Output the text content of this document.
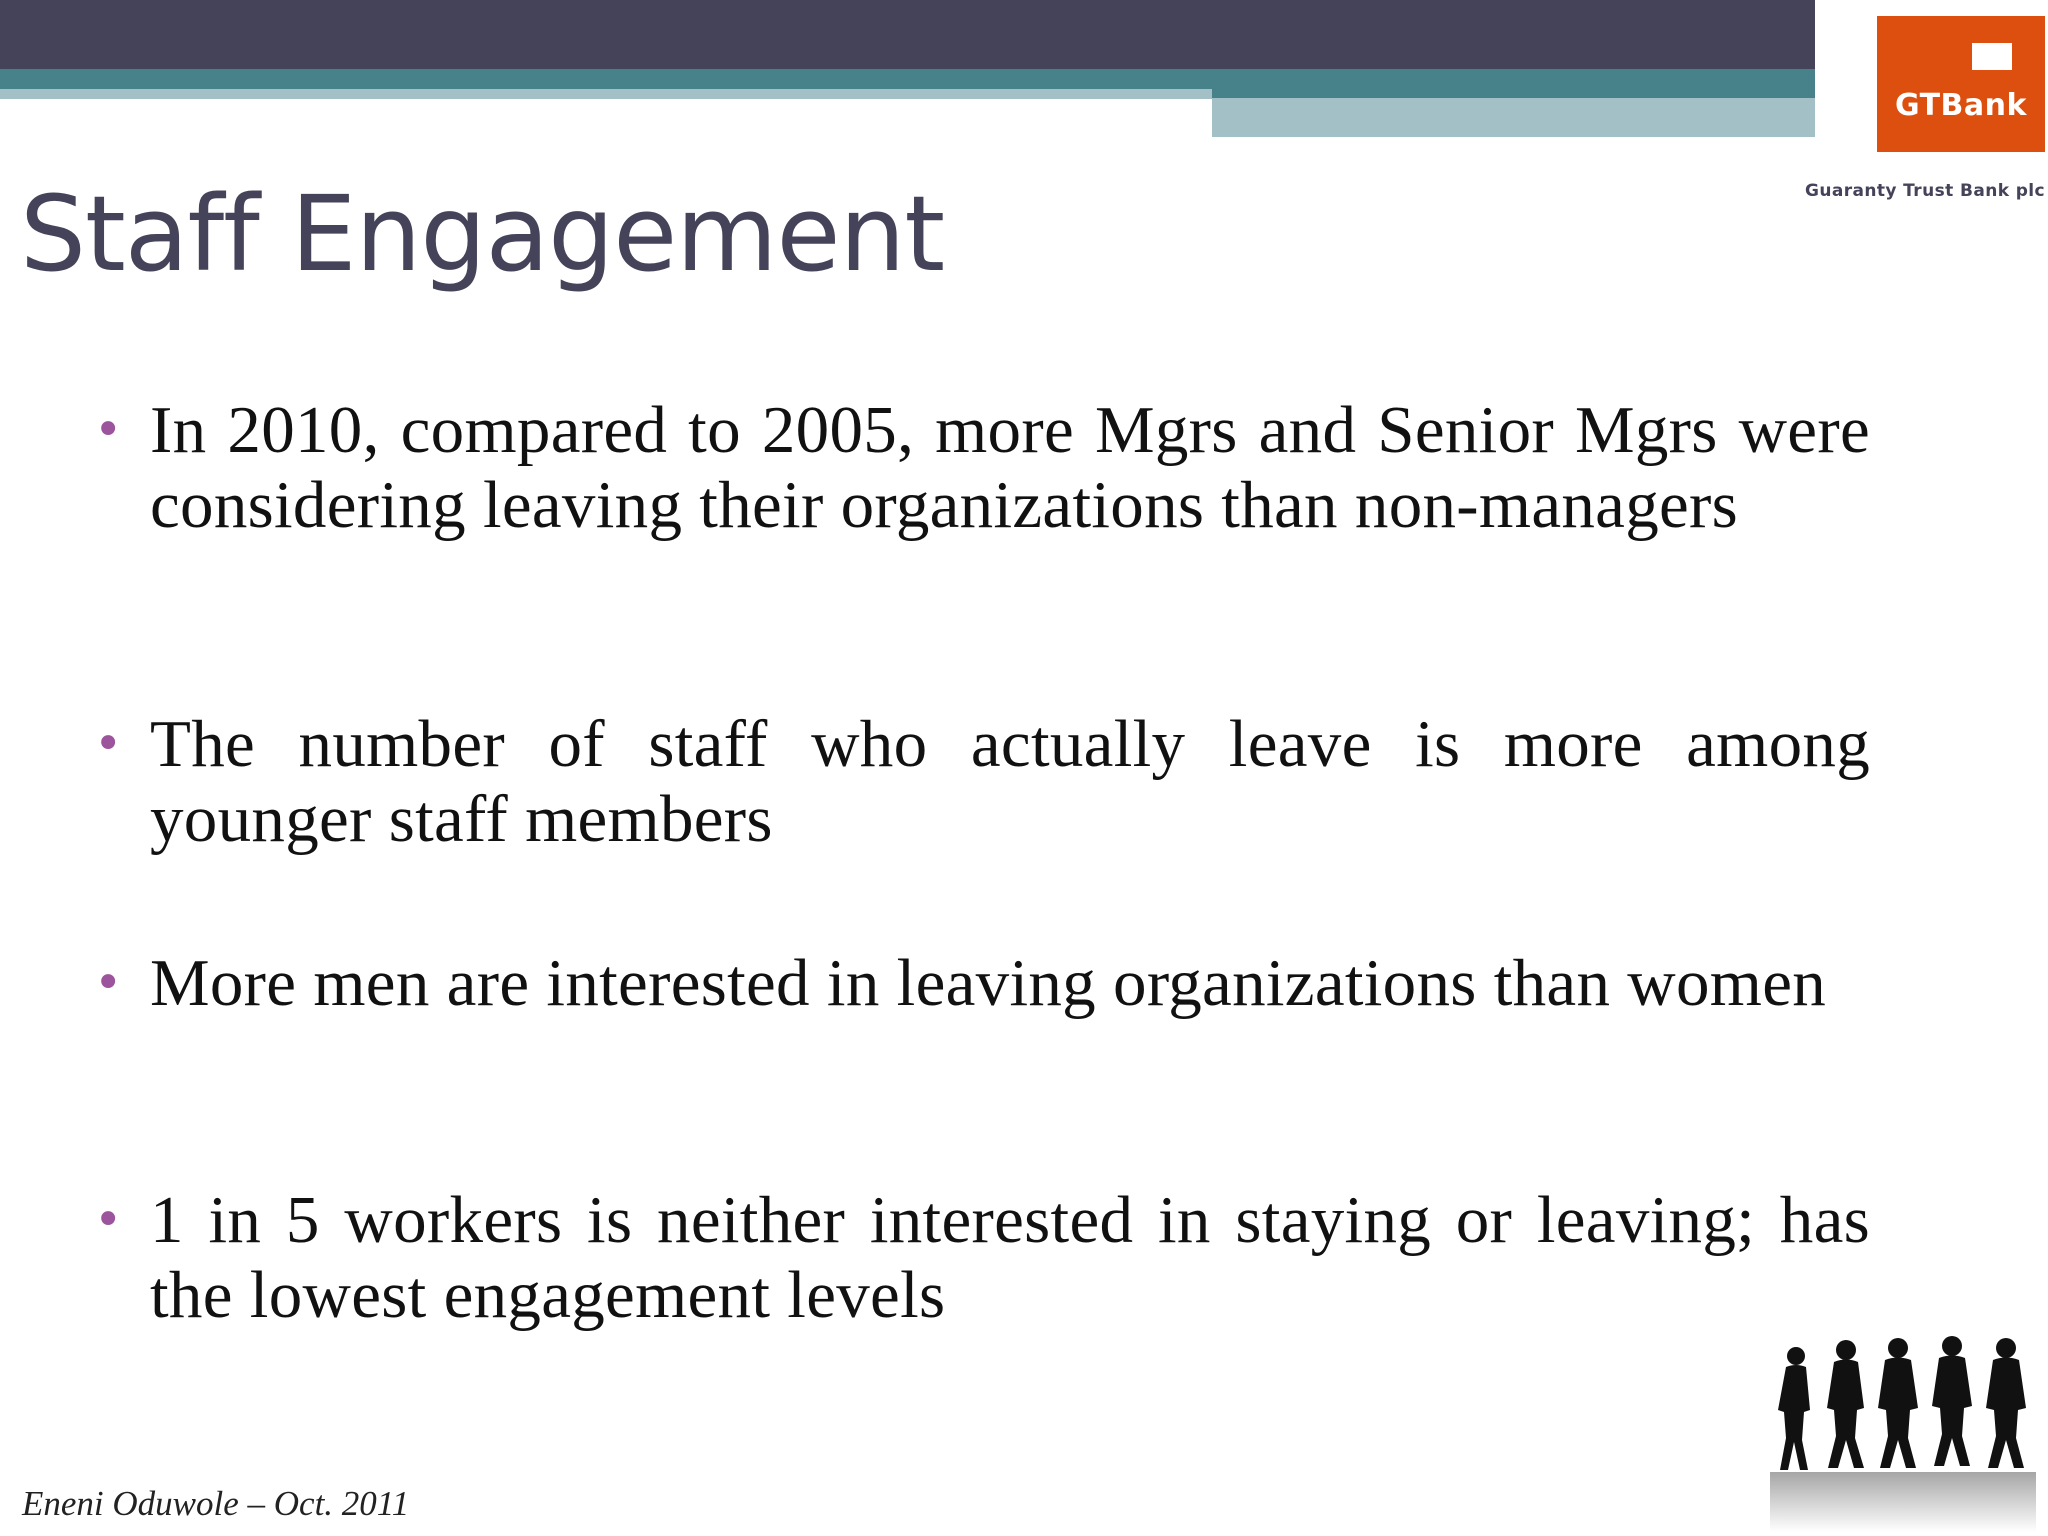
GTBank
Guaranty Trust Bank plc
Staff Engagement
• In 2010, compared to 2005, more Mgrs and Senior Mgrs were considering leaving their organizations than non-managers
• The number of staff who actually leave is more among younger staff members
• More men are interested in leaving organizations than women
• 1 in 5 workers is neither interested in staying or leaving; has the lowest engagement levels
Eneni Oduwole – Oct. 2011
